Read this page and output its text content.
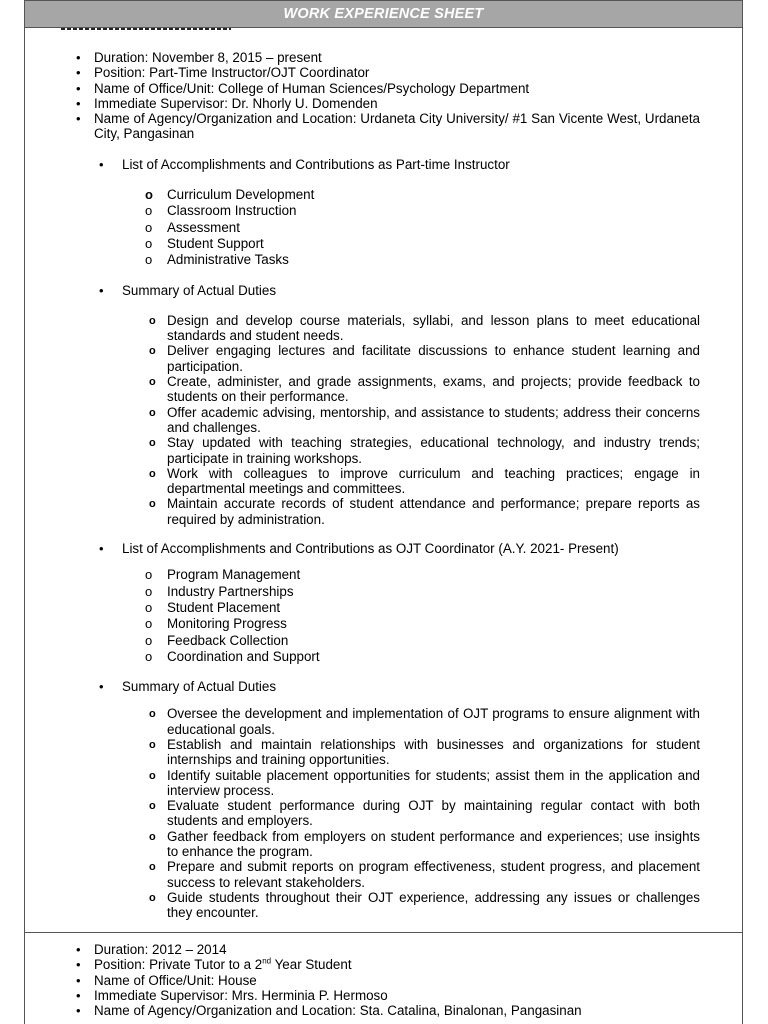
WORK EXPERIENCE SHEET
• Duration: November 8, 2015 – present
• Position: Part-Time Instructor/OJT Coordinator
• Name of Office/Unit: College of Human Sciences/Psychology Department
• Immediate Supervisor: Dr. Nhorly U. Domenden
• Name of Agency/Organization and Location: Urdaneta City University/ #1 San Vicente West, Urdaneta City, Pangasinan
• List of Accomplishments and Contributions as Part-time Instructor
o Curriculum Development
o Classroom Instruction
o Assessment
o Student Support
o Administrative Tasks
• Summary of Actual Duties
o Design and develop course materials, syllabi, and lesson plans to meet educational standards and student needs.
o Deliver engaging lectures and facilitate discussions to enhance student learning and participation.
o Create, administer, and grade assignments, exams, and projects; provide feedback to students on their performance.
o Offer academic advising, mentorship, and assistance to students; address their concerns and challenges.
o Stay updated with teaching strategies, educational technology, and industry trends; participate in training workshops.
o Work with colleagues to improve curriculum and teaching practices; engage in departmental meetings and committees.
o Maintain accurate records of student attendance and performance; prepare reports as required by administration.
• List of Accomplishments and Contributions as OJT Coordinator (A.Y. 2021- Present)
o Program Management
o Industry Partnerships
o Student Placement
o Monitoring Progress
o Feedback Collection
o Coordination and Support
• Summary of Actual Duties
o Oversee the development and implementation of OJT programs to ensure alignment with educational goals.
o Establish and maintain relationships with businesses and organizations for student internships and training opportunities.
o Identify suitable placement opportunities for students; assist them in the application and interview process.
o Evaluate student performance during OJT by maintaining regular contact with both students and employers.
o Gather feedback from employers on student performance and experiences; use insights to enhance the program.
o Prepare and submit reports on program effectiveness, student progress, and placement success to relevant stakeholders.
o Guide students throughout their OJT experience, addressing any issues or challenges they encounter.
• Duration: 2012 – 2014
• Position: Private Tutor to a 2nd Year Student
• Name of Office/Unit: House
• Immediate Supervisor: Mrs. Herminia P. Hermoso
• Name of Agency/Organization and Location: Sta. Catalina, Binalonan, Pangasinan
